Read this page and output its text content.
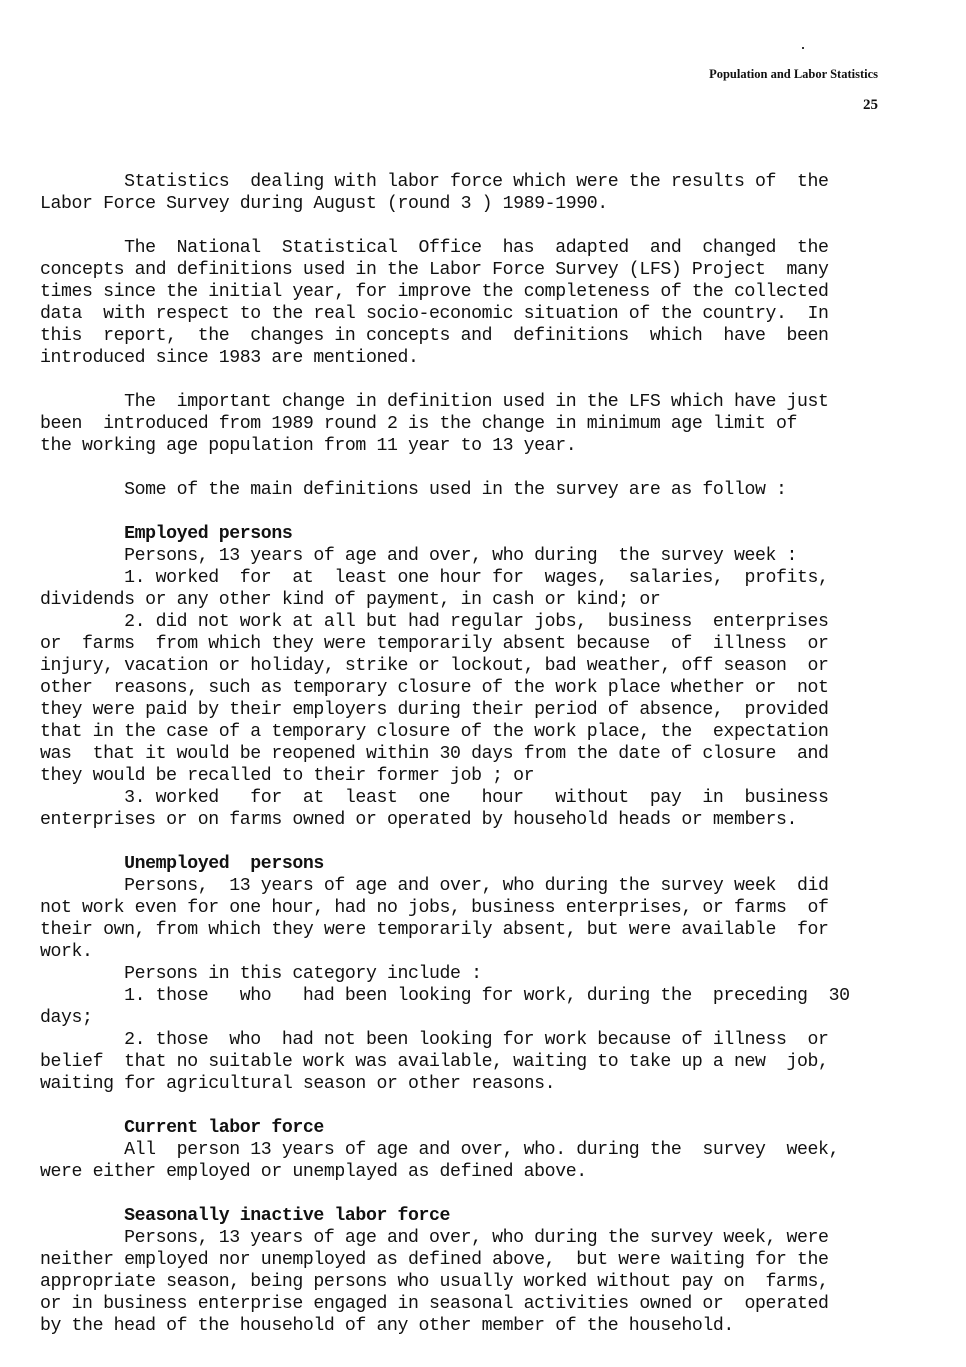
Population and Labor Statistics
25
Statistics  dealing with labor force which were the results of  the
Labor Force Survey during August (round 3 ) 1989-1990.
The  National  Statistical  Office  has  adapted  and  changed  the
concepts and definitions used in the Labor Force Survey (LFS) Project  many
times since the initial year, for improve the completeness of the collected
data  with respect to the real socio-economic situation of the country.  In
this  report,  the  changes in concepts and  definitions  which  have  been
introduced since 1983 are mentioned.
The  important change in definition used in the LFS which have just
been  introduced from 1989 round 2 is the change in minimum age limit of
the working age population from 11 year to 13 year.
Some of the main definitions used in the survey are as follow :
Employed persons
Persons, 13 years of age and over, who during  the survey week :
1. worked  for  at  least one hour for  wages,  salaries,  profits,
dividends or any other kind of payment, in cash or kind; or
2. did not work at all but had regular jobs,  business  enterprises
or  farms  from which they were temporarily absent because  of  illness  or
injury, vacation or holiday, strike or lockout, bad weather, off season  or
other  reasons, such as temporary closure of the work place whether or  not
they were paid by their employers during their period of absence,  provided
that in the case of a temporary closure of the work place, the  expectation
was  that it would be reopened within 30 days from the date of closure  and
they would be recalled to their former job ; or
3. worked   for  at  least  one   hour   without  pay  in  business
enterprises or on farms owned or operated by household heads or members.
Unemployed  persons
Persons,  13 years of age and over, who during the survey week  did
not work even for one hour, had no jobs, business enterprises, or farms  of
their own, from which they were temporarily absent, but were available  for
work.
Persons in this category include :
1. those   who   had been looking for work, during the  preceding  30
days;
2. those  who  had not been looking for work because of illness  or
belief  that no suitable work was available, waiting to take up a new  job,
waiting for agricultural season or other reasons.
Current labor force
All  person 13 years of age and over, who. during the  survey  week,
were either employed or unemplayed as defined above.
Seasonally inactive labor force
Persons, 13 years of age and over, who during the survey week, were
neither employed nor unemployed as defined above,  but were waiting for the
appropriate season, being persons who usually worked without pay on  farms,
or in business enterprise engaged in seasonal activities owned or  operated
by the head of the household of any other member of the household.
